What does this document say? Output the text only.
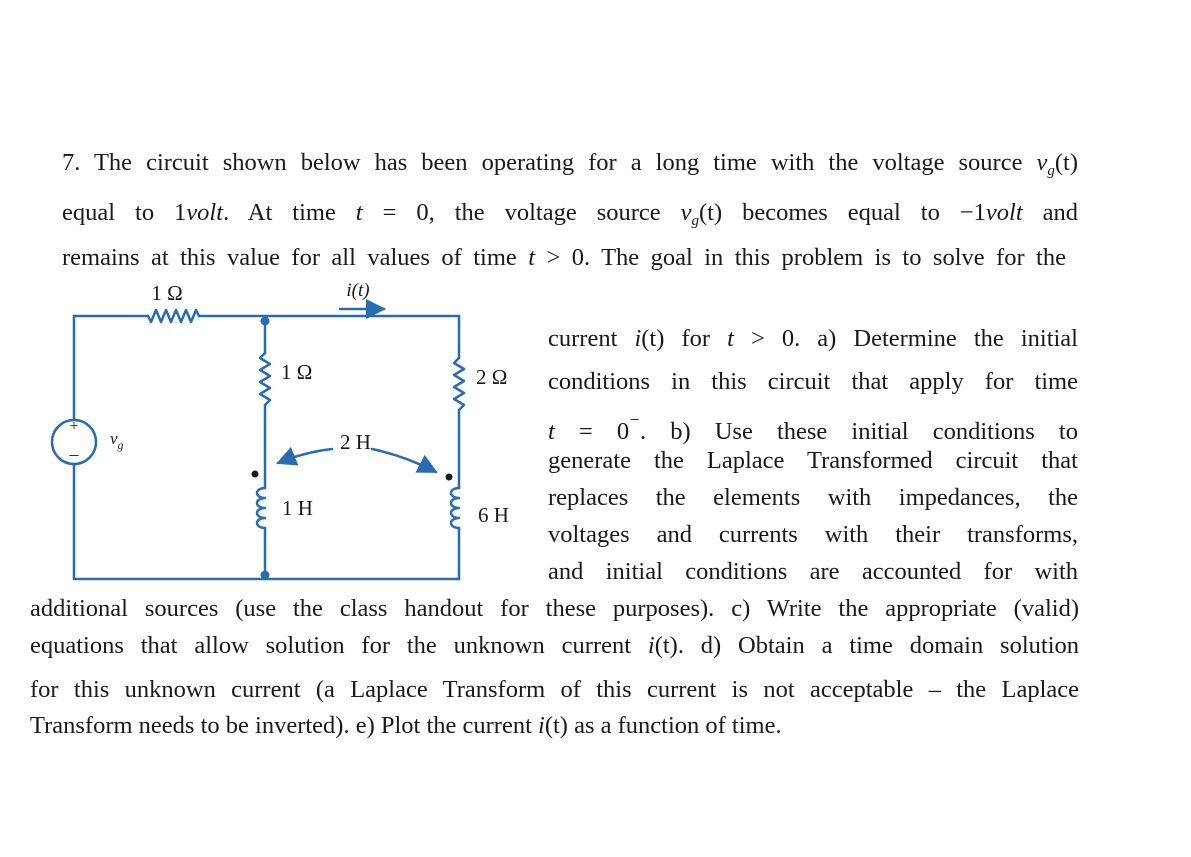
7. The circuit shown below has been operating for a long time with the voltage source $v_g(t)$
equal to 1volt. At time t = 0, the voltage source $v_g(t)$ becomes equal to −1volt and
remains at this value for all values of time t > 0. The goal in this problem is to solve for the
current i(t) for t > 0. a) Determine the initial
conditions in this circuit that apply for time
t = 0⁻. b) Use these initial conditions to
generate the Laplace Transformed circuit that
replaces the elements with impedances, the
voltages and currents with their transforms,
and initial conditions are accounted for with
additional sources (use the class handout for these purposes). c) Write the appropriate (valid)
equations that allow solution for the unknown current i(t). d) Obtain a time domain solution
for this unknown current (a Laplace Transform of this current is not acceptable – the Laplace
Transform needs to be inverted). e) Plot the current i(t) as a function of time.
+
–
1 Ω	i(t)
1 Ω	2 Ω
2 H
1 H	6 H
$v_g$
